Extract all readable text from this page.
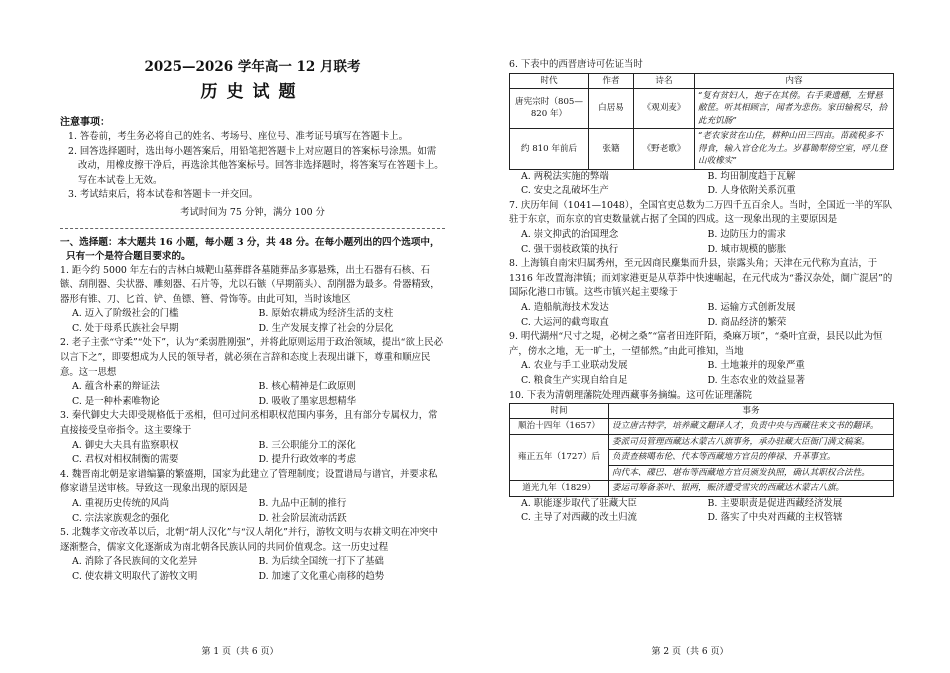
2025—2026 学年高一 12 月联考
历史试题
注意事项：
1. 答卷前，考生务必将自己的姓名、考场号、座位号、准考证号填写在答题卡上。
2. 回答选择题时，选出每小题答案后，用铅笔把答题卡上对应题目的答案标号涂黑。如需改动，用橡皮擦干净后，再选涂其他答案标号。回答非选择题时，将答案写在答题卡上。写在本试卷上无效。
3. 考试结束后，将本试卷和答题卡一并交回。
考试时间为 75 分钟，满分 100 分
一、选择题：本大题共 16 小题，每小题 3 分，共 48 分。在每小题列出的四个选项中，只有一个是符合题目要求的。
1. 距今约 5000 年左右的吉林白城靶山墓葬群各墓随葬品多寡悬殊，出土石器有石核、石镞、刮削器、尖状器、雕刻器、石片等，尤以石镞（早期箭头）、刮削器为最多。骨器精致，器形有锥、刀、匕首、铲、鱼镖、簪、骨饰等。由此可知，当时该地区
A. 迈入了阶级社会的门槛	B. 原始农耕成为经济生活的支柱
C. 处于母系氏族社会早期	D. 生产发展支撑了社会的分层化
2. 老子主张“守柔”“处下”，认为“柔弱胜刚强”，并将此原则运用于政治领域，提出“欲上民必以言下之”，即要想成为人民的领导者，就必须在言辞和态度上表现出谦下，尊重和顺应民意。这一思想
A. 蕴含朴素的辩证法	B. 核心精神是仁政原则
C. 是一种朴素唯物论	D. 吸收了墨家思想精华
3. 秦代御史大夫即受规格低于丞相，但可过问丞相职权范围内事务，且有部分专属权力，常直接接受皇帝指令。这主要缘于
A. 御史大夫具有监察职权	B. 三公职能分工的深化
C. 君权对相权制衡的需要	D. 提升行政效率的考虑
4. 魏晋南北朝是家谱编纂的繁盛期，国家为此建立了管理制度；设置谱局与谱官，并要求私修家谱呈送审核。导致这一现象出现的原因是
A. 重视历史传统的风尚	B. 九品中正制的推行
C. 宗法家族观念的强化	D. 社会阶层流动活跃
5. 北魏孝文帝改革以后，北朝“胡人汉化”与“汉人胡化”并行，游牧文明与农耕文明在冲突中逐渐整合，儒家文化逐渐成为南北朝各民族认同的共同价值观念。这一历史过程
A. 消除了各民族间的文化差异	B. 为后续全国统一打下了基础
C. 使农耕文明取代了游牧文明	D. 加速了文化重心南移的趋势
6. 下表中的西晋唐诗可佐证当时
时代	作者	诗名	内容
唐宪宗时（805—820 年）	白居易	《观刈麦》	“复有贫妇人，抱子在其傍。右手秉遗穗，左臂悬敝筐。听其相顾言，闻者为悲伤。家田输税尽，拾此充饥肠”
约 810 年前后	张籍	《野老歌》	“老农家贫在山住，耕种山田三四亩。苗疏税多不得食，输入官仓化为土。岁暮锄犁傍空室，呼儿登山收橡实”
A. 两税法实施的弊端	B. 均田制度趋于瓦解
C. 安史之乱破坏生产	D. 人身依附关系沉重
7. 庆历年间（1041—1048），全国官吏总数为二万四千五百余人。当时，全国近一半的军队驻于东京，而东京的官吏数量就占据了全国的四成。这一现象出现的主要原因是
A. 崇文抑武的治国理念	B. 边防压力的需求
C. 强干弱枝政策的执行	D. 城市规模的膨胀
8. 上海镇自南宋归属秀州，至元因商民麇集而升县，崇露头角；天津在元代称为直沽，于 1316 年改置海津镇；而刘家港更是从草莽中快速崛起，在元代成为“番汉杂处，阛广混居”的国际化港口市镇。这些市镇兴起主要缘于
A. 造船航海技术发达	B. 运输方式创新发展
C. 大运河的截弯取直	D. 商品经济的繁荣
9. 明代湖州“尺寸之堤，必树之桑”“富者田连阡陌，桑麻万顷”，“桑叶宜蚕，县民以此为恒产，傍水之地，无一旷土，一望郁然。”由此可推知，当地
A. 农业与手工业联动发展	B. 土地兼并的现象严重
C. 粮食生产实现自给自足	D. 生态农业的效益显著
10. 下表为清朝理藩院处理西藏事务摘编。这可佐证理藩院
时间	事务
顺治十四年（1657）	设立唐古特学，培养藏文翻译人才，负责中央与西藏往来文书的翻译。
雍正五年（1727）后	委派司员管理西藏达木蒙古八旗事务，承办驻藏大臣衙门满文稿案。
	负责查核噶布伦、代本等西藏地方官员的俸禄、升革事宜。
	向代本、碟巴、堪布等西藏地方官员颁发执照，确认其职权合法性。
道光九年（1829）	委运司筹备茶叶、银两，赈济遭受雪灾的西藏达木蒙古八旗。
A. 职能逐步取代了驻藏大臣	B. 主要职责是促进西藏经济发展
C. 主导了对西藏的改土归流	D. 落实了中央对西藏的主权管辖
第 1 页（共 6 页）	第 2 页（共 6 页）
